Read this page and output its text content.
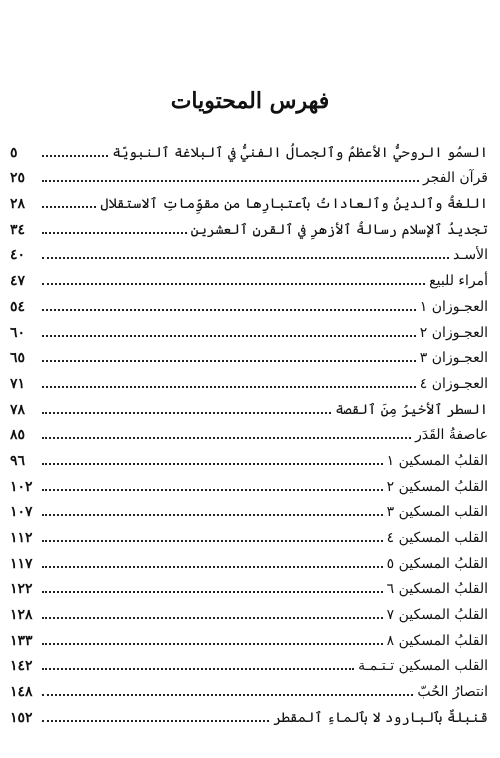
فهرس المحتويات
السمُو الروحيُّ الأعظمُ وٱلجمالُ الفنيُّ في ٱلبلاغة ٱلنبويّة
٥
قرآن الفجر
٢٥
اللغةُ وٱلدينُ وٱلعاداتُ بٱعتبارِها من مقوِّماتِ ٱلاستقلال
٢٨
تجديدُ ٱلإسلام رسالةُ ٱلأزهرِ في ٱلقرنِ ٱلعشرين
٣٤
الأسـد
٤٠
أمراء للبيع
٤٧
العجـوزان ١
٥٤
العجـوزان ٢
٦٠
العجـوزان ٣
٦٥
العجـوزان ٤
٧١
السطر ٱلأخيرُ مِنَ ٱلقصة
٧٨
عاصفةُ القَدَر
٨٥
القلبُ المسكين ١
٩٦
القلبُ المسكين ٢
١٠٢
القلب المسكين ٣
١٠٧
القلب المسكين ٤
١١٢
القلبُ المسكين ٥
١١٧
القلبُ المسكين ٦
١٢٢
القلبُ المسكين ٧
١٢٨
القلبُ المسكين ٨
١٣٣
القلب المسكين تـتـمـة
١٤٢
انتصارُ الحُبّ
١٤٨
قنبلةٌ بٱلبارود لا بٱلماءِ ٱلمقطر
١٥٢
